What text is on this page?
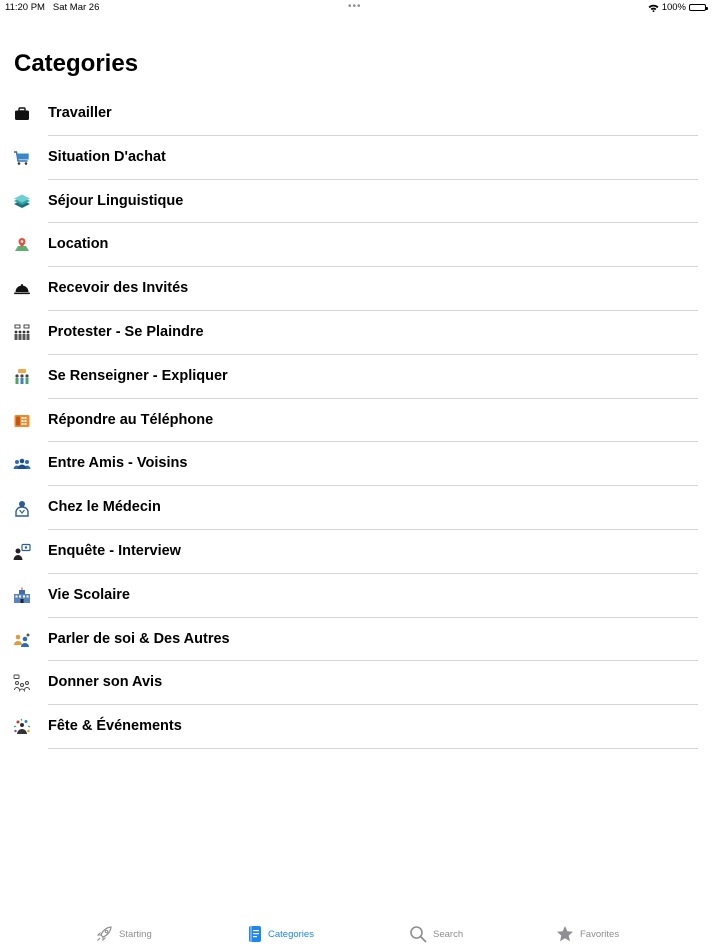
11:20 PM Sat Mar 26	•••	100%
Categories
Travailler
Situation D'achat
Séjour Linguistique
Location
Recevoir des Invités
Protester - Se Plaindre
Se Renseigner - Expliquer
Répondre au Téléphone
Entre Amis - Voisins
Chez le Médecin
Enquête - Interview
Vie Scolaire
Parler de soi & Des Autres
Donner son Avis
Fête & Événements
Starting	Categories	Search	Favorites
